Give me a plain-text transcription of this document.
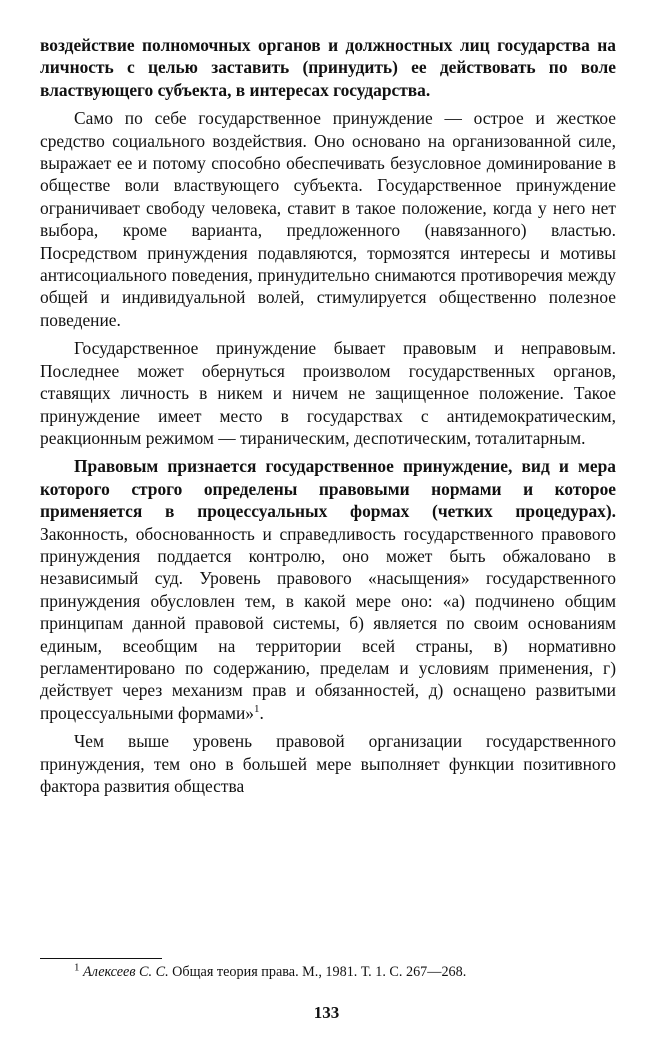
воздействие полномочных органов и должностных лиц государства на личность с целью заставить (принудить) ее действовать по воле властвующего субъекта, в интересах государства.

Само по себе государственное принуждение — острое и жесткое средство социального воздействия. Оно основано на организованной силе, выражает ее и потому способно обеспечивать безусловное доминирование в обществе воли властвующего субъекта. Государственное принуждение ограничивает свободу человека, ставит в такое положение, когда у него нет выбора, кроме варианта, предложенного (навязанного) властью. Посредством принуждения подавляются, тормозятся интересы и мотивы антисоциального поведения, принудительно снимаются противоречия между общей и индивидуальной волей, стимулируется общественно полезное поведение.

Государственное принуждение бывает правовым и неправовым. Последнее может обернуться произволом государственных органов, ставящих личность в никем и ничем не защищенное положение. Такое принуждение имеет место в государствах с антидемократическим, реакционным режимом — тираническим, деспотическим, тоталитарным.

Правовым признается государственное принуждение, вид и мера которого строго определены правовыми нормами и которое применяется в процессуальных формах (четких процедурах). Законность, обоснованность и справедливость государственного правового принуждения поддается контролю, оно может быть обжаловано в независимый суд. Уровень правового «насыщения» государственного принуждения обусловлен тем, в какой мере оно: «а) подчинено общим принципам данной правовой системы, б) является по своим основаниям единым, всеобщим на территории всей страны, в) нормативно регламентировано по содержанию, пределам и условиям применения, г) действует через механизм прав и обязанностей, д) оснащено развитыми процессуальными формами»$^1$.

Чем выше уровень правовой организации государственного принуждения, тем оно в большей мере выполняет функции позитивного фактора развития общества

$^1$ Алексеев С. С. Общая теория права. М., 1981. Т. 1. С. 267—268.
133
